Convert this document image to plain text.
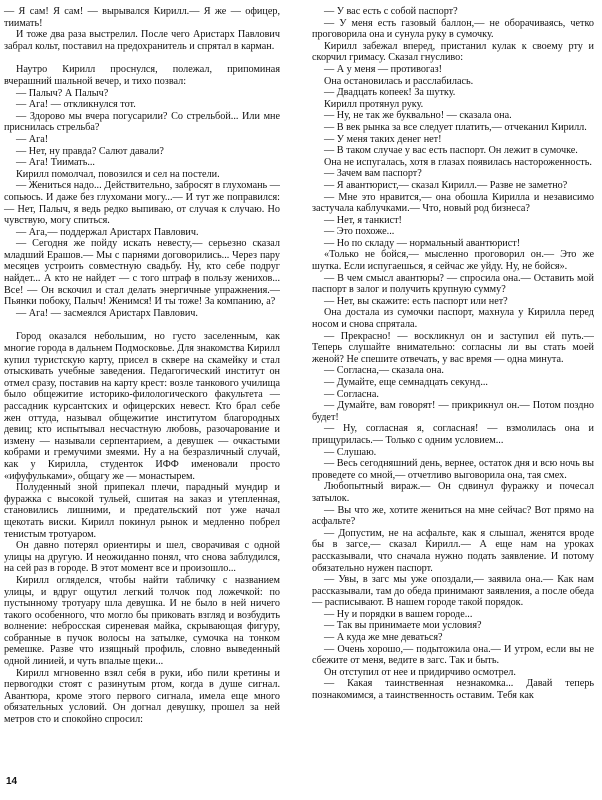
— Я сам! Я сам! — вырывался Кирилл.— Я же — офицер, тиимать!

И тоже два раза выстрелил. После чего Аристарх Павлович забрал кольт, поставил на предохранитель и спрятал в карман.

Наутро Кирилл проснулся, полежал, припоминая вчерашний шальной вечер, и тихо позвал:

— Палыч? А Палыч?

— Ага! — откликнулся тот.

— Здорово мы вчера погусарили? Со стрельбой... Или мне приснилась стрельба?

— Ага!

— Нет, ну правда? Салют давали?

— Ага! Тиимать...

Кирилл помолчал, повозился и сел на постели.

— Жениться надо... Действительно, забросят в глухомань — сопьюсь. И даже без глухомани могу...— И тут же поправился:— Нет, Палыч, я ведь редко выпиваю, от случая к случаю. Но чувствую, могу спиться.

— Ага,— поддержал Аристарх Павлович.

— Сегодня же пойду искать невесту,— серьезно сказал младший Ерашов.— Мы с парнями договорились... Через пару месяцев устроить совместную свадьбу. Ну, кто себе подруг найдет... А кто не найдет — с того штраф в пользу женихов... Все! — Он вскочил и стал делать энергичные упражнения.— Пьянки побоку, Палыч! Женимся! И ты тоже! За компанию, а?

— Ага! — засмеялся Аристарх Павлович.

Город оказался небольшим, но густо заселенным, как многие города в дальнем Подмосковье. Для знакомства Кирилл купил туристскую карту, присел в сквере на скамейку и стал отыскивать учебные заведения. Педагогический институт он отмел сразу, поставив на карту крест: возле танкового училища было общежитие историко-филологического факультета — рассадник курсантских и офицерских невест. Кто брал себе жен оттуда, называл общежитие институтом благородных девиц; кто испытывал несчастную любовь, разочарование и измену — называли серпентарием, а девушек — очкастыми кобрами и гремучими змеями. Ну а на безразличный случай, как у Кирилла, студенток ИФФ именовали просто «ифуфульками», общагу же — монастырем.

Полуденный зной припекал плечи, парадный мундир и фуражка с высокой тульей, сшитая на заказ и утепленная, становились лишними, и предательский пот уже начал щекотать виски. Кирилл покинул рынок и медленно побрел тенистым тротуаром.

Он давно потерял ориентиры и шел, сворачивая с одной улицы на другую. И неожиданно понял, что снова заблудился, на сей раз в городе. В этот момент все и произошло...

Кирилл огляделся, чтобы найти табличку с названием улицы, и вдруг ощутил легкий толчок под ложечкой: по пустынному тротуару шла девушка. И не было в ней ничего такого особенного, что могло бы приковать взгляд и возбудить волнение: небросская сиреневая майка, скрывающая фигуру, собранные в пучок волосы на затылке, сумочка на тонком ремешке. Разве что изящный профиль, словно выведенный одной линией, и чуть впалые щеки...

Кирилл мгновенно взял себя в руки, ибо пили кретины и первогодки стоят с разинутым ртом, когда в душе сигнал. Авантюра, кроме этого первого сигнала, имела еще много обязательных условий. Он догнал девушку, прошел за ней метров сто и спокойно спросил:

— У вас есть с собой паспорт?

— У меня есть газовый баллон,— не оборачиваясь, четко проговорила она и сунула руку в сумочку.

Кирилл забежал вперед, пристанил кулак к своему рту и скорчил гримасу. Сказал гнусливо:

— А у меня — противогаз!

Она остановилась и расслабилась.

— Двадцать копеек! За шутку.

Кирилл протянул руку.

— Ну, не так же буквально! — сказала она.

— В век рынка за все следует платить,— отчеканил Кирилл.

— У меня таких денег нет!

— В таком случае у вас есть паспорт. Он лежит в сумочке.

Она не испугалась, хотя в глазах появилась настороженность.

— Зачем вам паспорт?

— Я авантюрист,— сказал Кирилл.— Разве не заметно?

— Мне это нравится,— она обошла Кирилла и независимо застучала каблучками.— Что, новый род бизнеса?

— Нет, я танкист!

— Это похоже...

— Но по складу — нормальный авантюрист!

«Только не бойся,— мысленно проговорил он.— Это же шутка. Если испугаешься, я сейчас же уйду. Ну, не бойся».

— В чем смысл авантюры? — спросила она.— Оставить мой паспорт в залог и получить крупную сумму?

— Нет, вы скажите: есть паспорт или нет?

Она достала из сумочки паспорт, махнула у Кирилла перед носом и снова спрятала.

— Прекрасно! — воскликнул он и заступил ей путь.— Теперь слушайте внимательно: согласны ли вы стать моей женой? Не спешите отвечать, у вас время — одна минута.

— Согласна,— сказала она.

— Думайте, еще семнадцать секунд...

— Согласна.

— Думайте, вам говорят! — прикрикнул он.— Потом поздно будет!

— Ну, согласная я, согласная! — взмолилась она и прищурилась.— Только с одним условием...

— Слушаю.

— Весь сегодняшний день, вернее, остаток дня и всю ночь вы проведете со мной,— отчетливо выговорила она, тая смех.

Любопытный вираж.— Он сдвинул фуражку и почесал затылок.

— Вы что же, хотите жениться на мне сейчас? Вот прямо на асфальте?

— Допустим, не на асфальте, как я слышал, женятся вроде бы в загсе,— сказал Кирилл.— А еще нам на уроках рассказывали, что сначала нужно подать заявление. И потому обязательно нужен паспорт.

— Увы, в загс мы уже опоздали,— заявила она.— Как нам рассказывали, там до обеда принимают заявления, а после обеда — расписывают. В нашем городе такой порядок.

— Ну и порядки в вашем городе...

— Так вы принимаете мои условия?

— А куда же мне деваться?

— Очень хорошо,— подытожила она.— И утром, если вы не сбежите от меня, ведите в загс. Так и быть.

Он отступил от нее и придирчиво осмотрел.

— Какая таинственная незнакомка... Давай теперь познакомимся, а таинственность оставим. Тебя как

14
